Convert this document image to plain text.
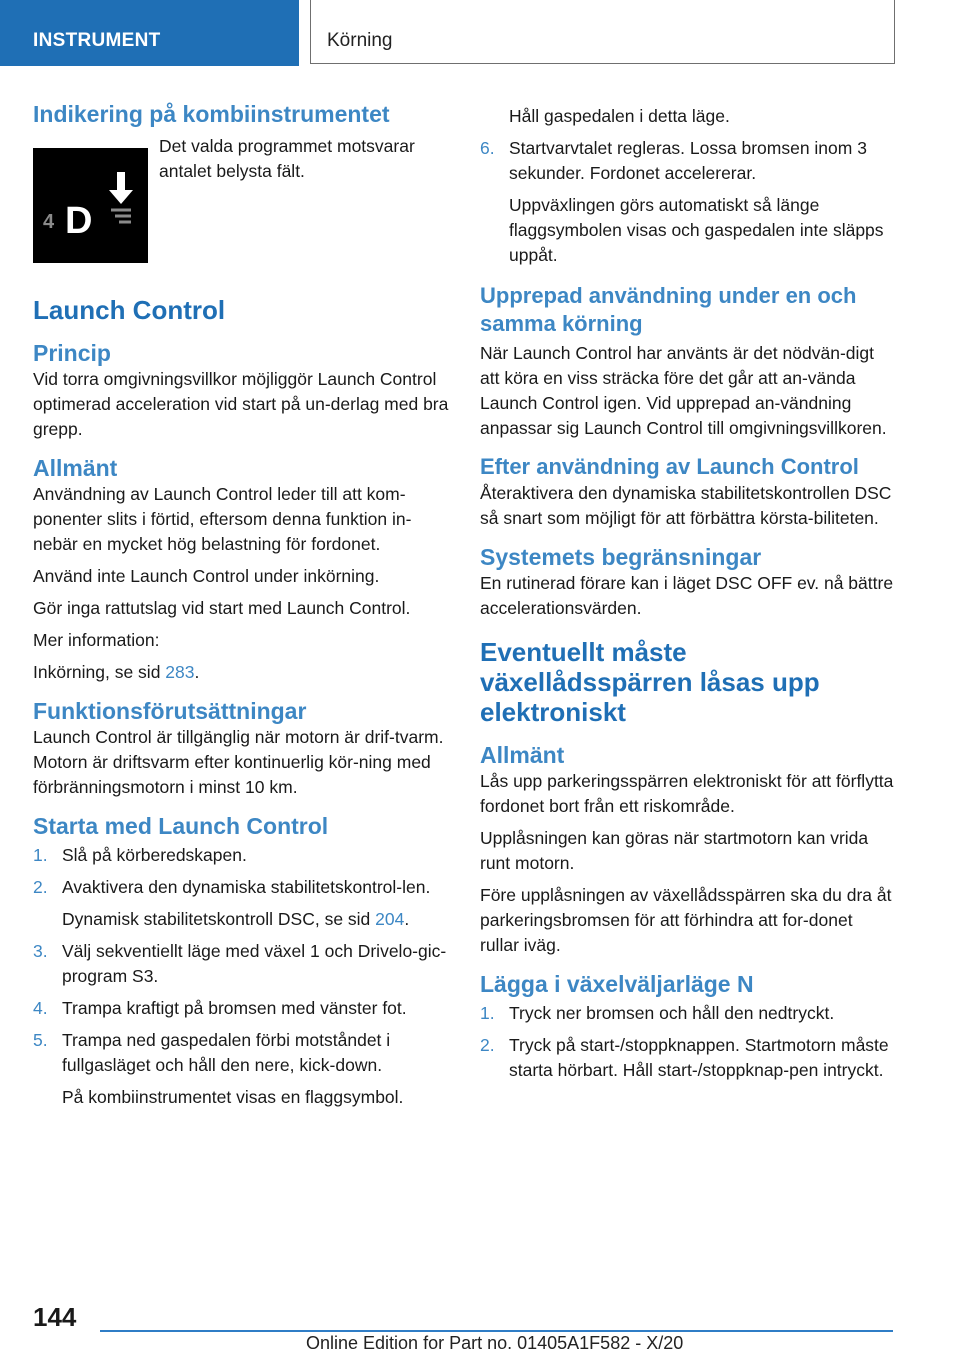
INSTRUMENT	Körning
Indikering på kombiinstrumentet
4 D

Det valda programmet motsvarar antalet belysta fält.

Launch Control
Princip

Vid torra omgivningsvillkor möjliggör Launch Control optimerad acceleration vid start på un-derlag med bra grepp.

Allmänt

Användning av Launch Control leder till att kom-ponenter slits i förtid, eftersom denna funktion in-nebär en mycket hög belastning för fordonet.

Använd inte Launch Control under inkörning.

Gör inga rattutslag vid start med Launch Control.

Mer information:

Inkörning, se sid 283.

Funktionsförutsättningar

Launch Control är tillgänglig när motorn är drif-tvarm. Motorn är driftsvarm efter kontinuerlig kör-ning med förbränningsmotorn i minst 10 km.

Starta med Launch Control
1. Slå på körberedskapen.
2. Avaktivera den dynamiska stabilitetskontrol-len.
Dynamisk stabilitetskontroll DSC, se sid 204.
3. Välj sekventiellt läge med växel 1 och Drivelo-gic-program S3.
4. Trampa kraftigt på bromsen med vänster fot.
5. Trampa ned gaspedalen förbi motståndet i fullgasläget och håll den nere, kick-down.
På kombiinstrumentet visas en flaggsymbol.
Håll gaspedalen i detta läge.
6. Startvarvtalet regleras. Lossa bromsen inom 3 sekunder. Fordonet accelererar.
Uppväxlingen görs automatiskt så länge flaggsymbolen visas och gaspedalen inte släpps uppåt.
Upprepad användning under en och samma körning

När Launch Control har använts är det nödvän-digt att köra en viss sträcka före det går att an-vända Launch Control igen. Vid upprepad an-vändning anpassar sig Launch Control till omgivningsvillkoren.

Efter användning av Launch Control

Återaktivera den dynamiska stabilitetskontrollen DSC så snart som möjligt för att förbättra körsta-biliteten.

Systemets begränsningar

En rutinerad förare kan i läget DSC OFF ev. nå bättre accelerationsvärden.

Eventuellt måste växellådsspärren låsas upp elektroniskt
Allmänt

Lås upp parkeringsspärren elektroniskt för att förflytta fordonet bort från ett riskområde.

Upplåsningen kan göras när startmotorn kan vrida runt motorn.

Före upplåsningen av växellådsspärren ska du dra åt parkeringsbromsen för att förhindra att for-donet rullar iväg.

Lägga i växelväljarläge N
1. Tryck ner bromsen och håll den nedtryckt.
2. Tryck på start-/stoppknappen. Startmotorn måste starta hörbart. Håll start-/stoppknap-pen intryckt.
144
Online Edition for Part no. 01405A1F582 - X/20
